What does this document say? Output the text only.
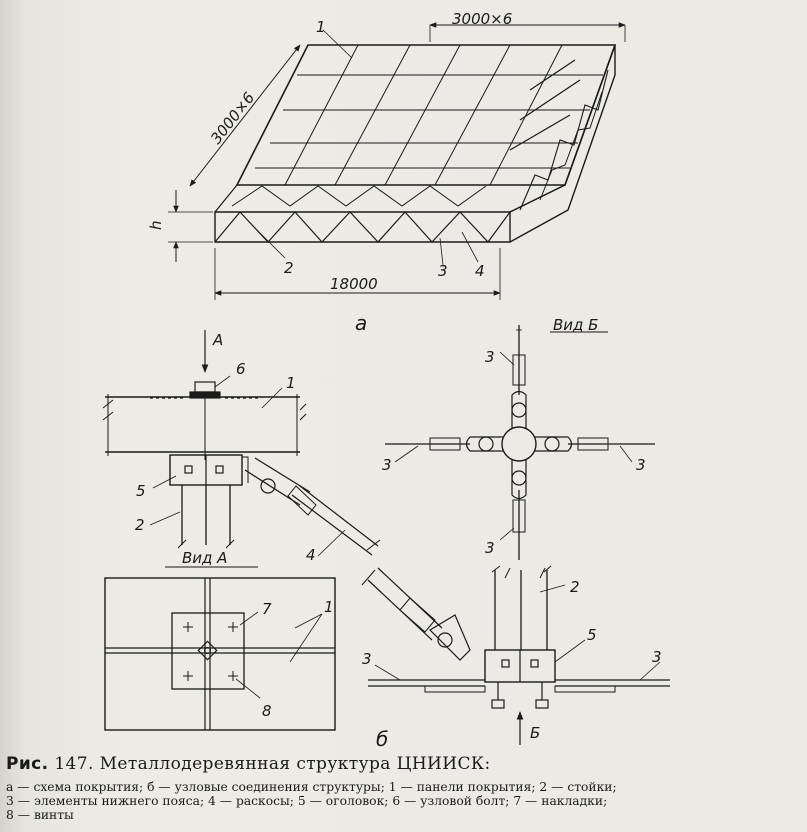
3000×6
3000×6
h
18000
1
2	3 4
а
А
Б
6
1
5
2
4
2
5
3	3
б
Вид А
7	1
8
Вид Б
3
3	3
3
Рис. 147. Металлодеревянная структура ЦНИИСК:
а — схема покрытия; б — узловые соединения структуры; 1 — панели покрытия; 2 — стойки;
3 — элементы нижнего пояса; 4 — раскосы; 5 — оголовок; 6 — узловой болт; 7 — накладки;
8 — винты
